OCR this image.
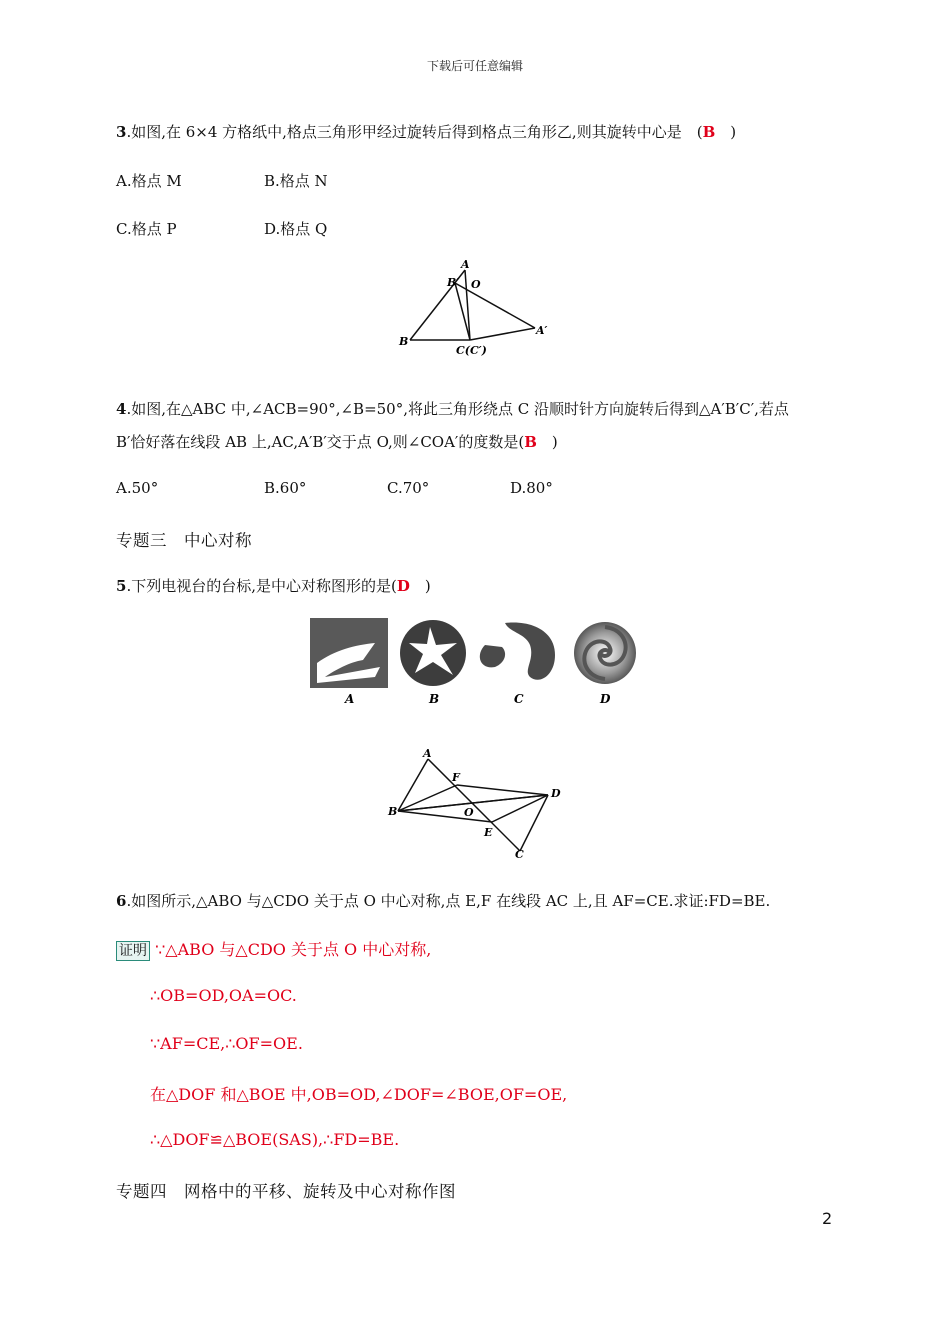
下载后可任意编辑
3.如图,在 6×4 方格纸中,格点三角形甲经过旋转后得到格点三角形乙,则其旋转中心是　(B　)
A.格点 M	B.格点 N
C.格点 P	D.格点 Q
A
B′ O
A′
B
C(C′)
4.如图,在△ABC 中,∠ACB=90°,∠B=50°,将此三角形绕点 C 沿顺时针方向旋转后得到△A′B′C′,若点
B′恰好落在线段 AB 上,AC,A′B′交于点 O,则∠COA′的度数是(B　)
A.50°	B.60°	C.70°	D.80°
专题三　中心对称
5.下列电视台的台标,是中心对称图形的是(D　)
A	B	C	D
A
F
D
B	O
E
C
6.如图所示,△ABO 与△CDO 关于点 O 中心对称,点 E,F 在线段 AC 上,且 AF=CE.求证:FD=BE.
证明 ∵△ABO 与△CDO 关于点 O 中心对称,
∴OB=OD,OA=OC.
∵AF=CE,∴OF=OE.
在△DOF 和△BOE 中,OB=OD,∠DOF=∠BOE,OF=OE,
∴△DOF≌△BOE(SAS),∴FD=BE.
专题四　网格中的平移、旋转及中心对称作图
2
